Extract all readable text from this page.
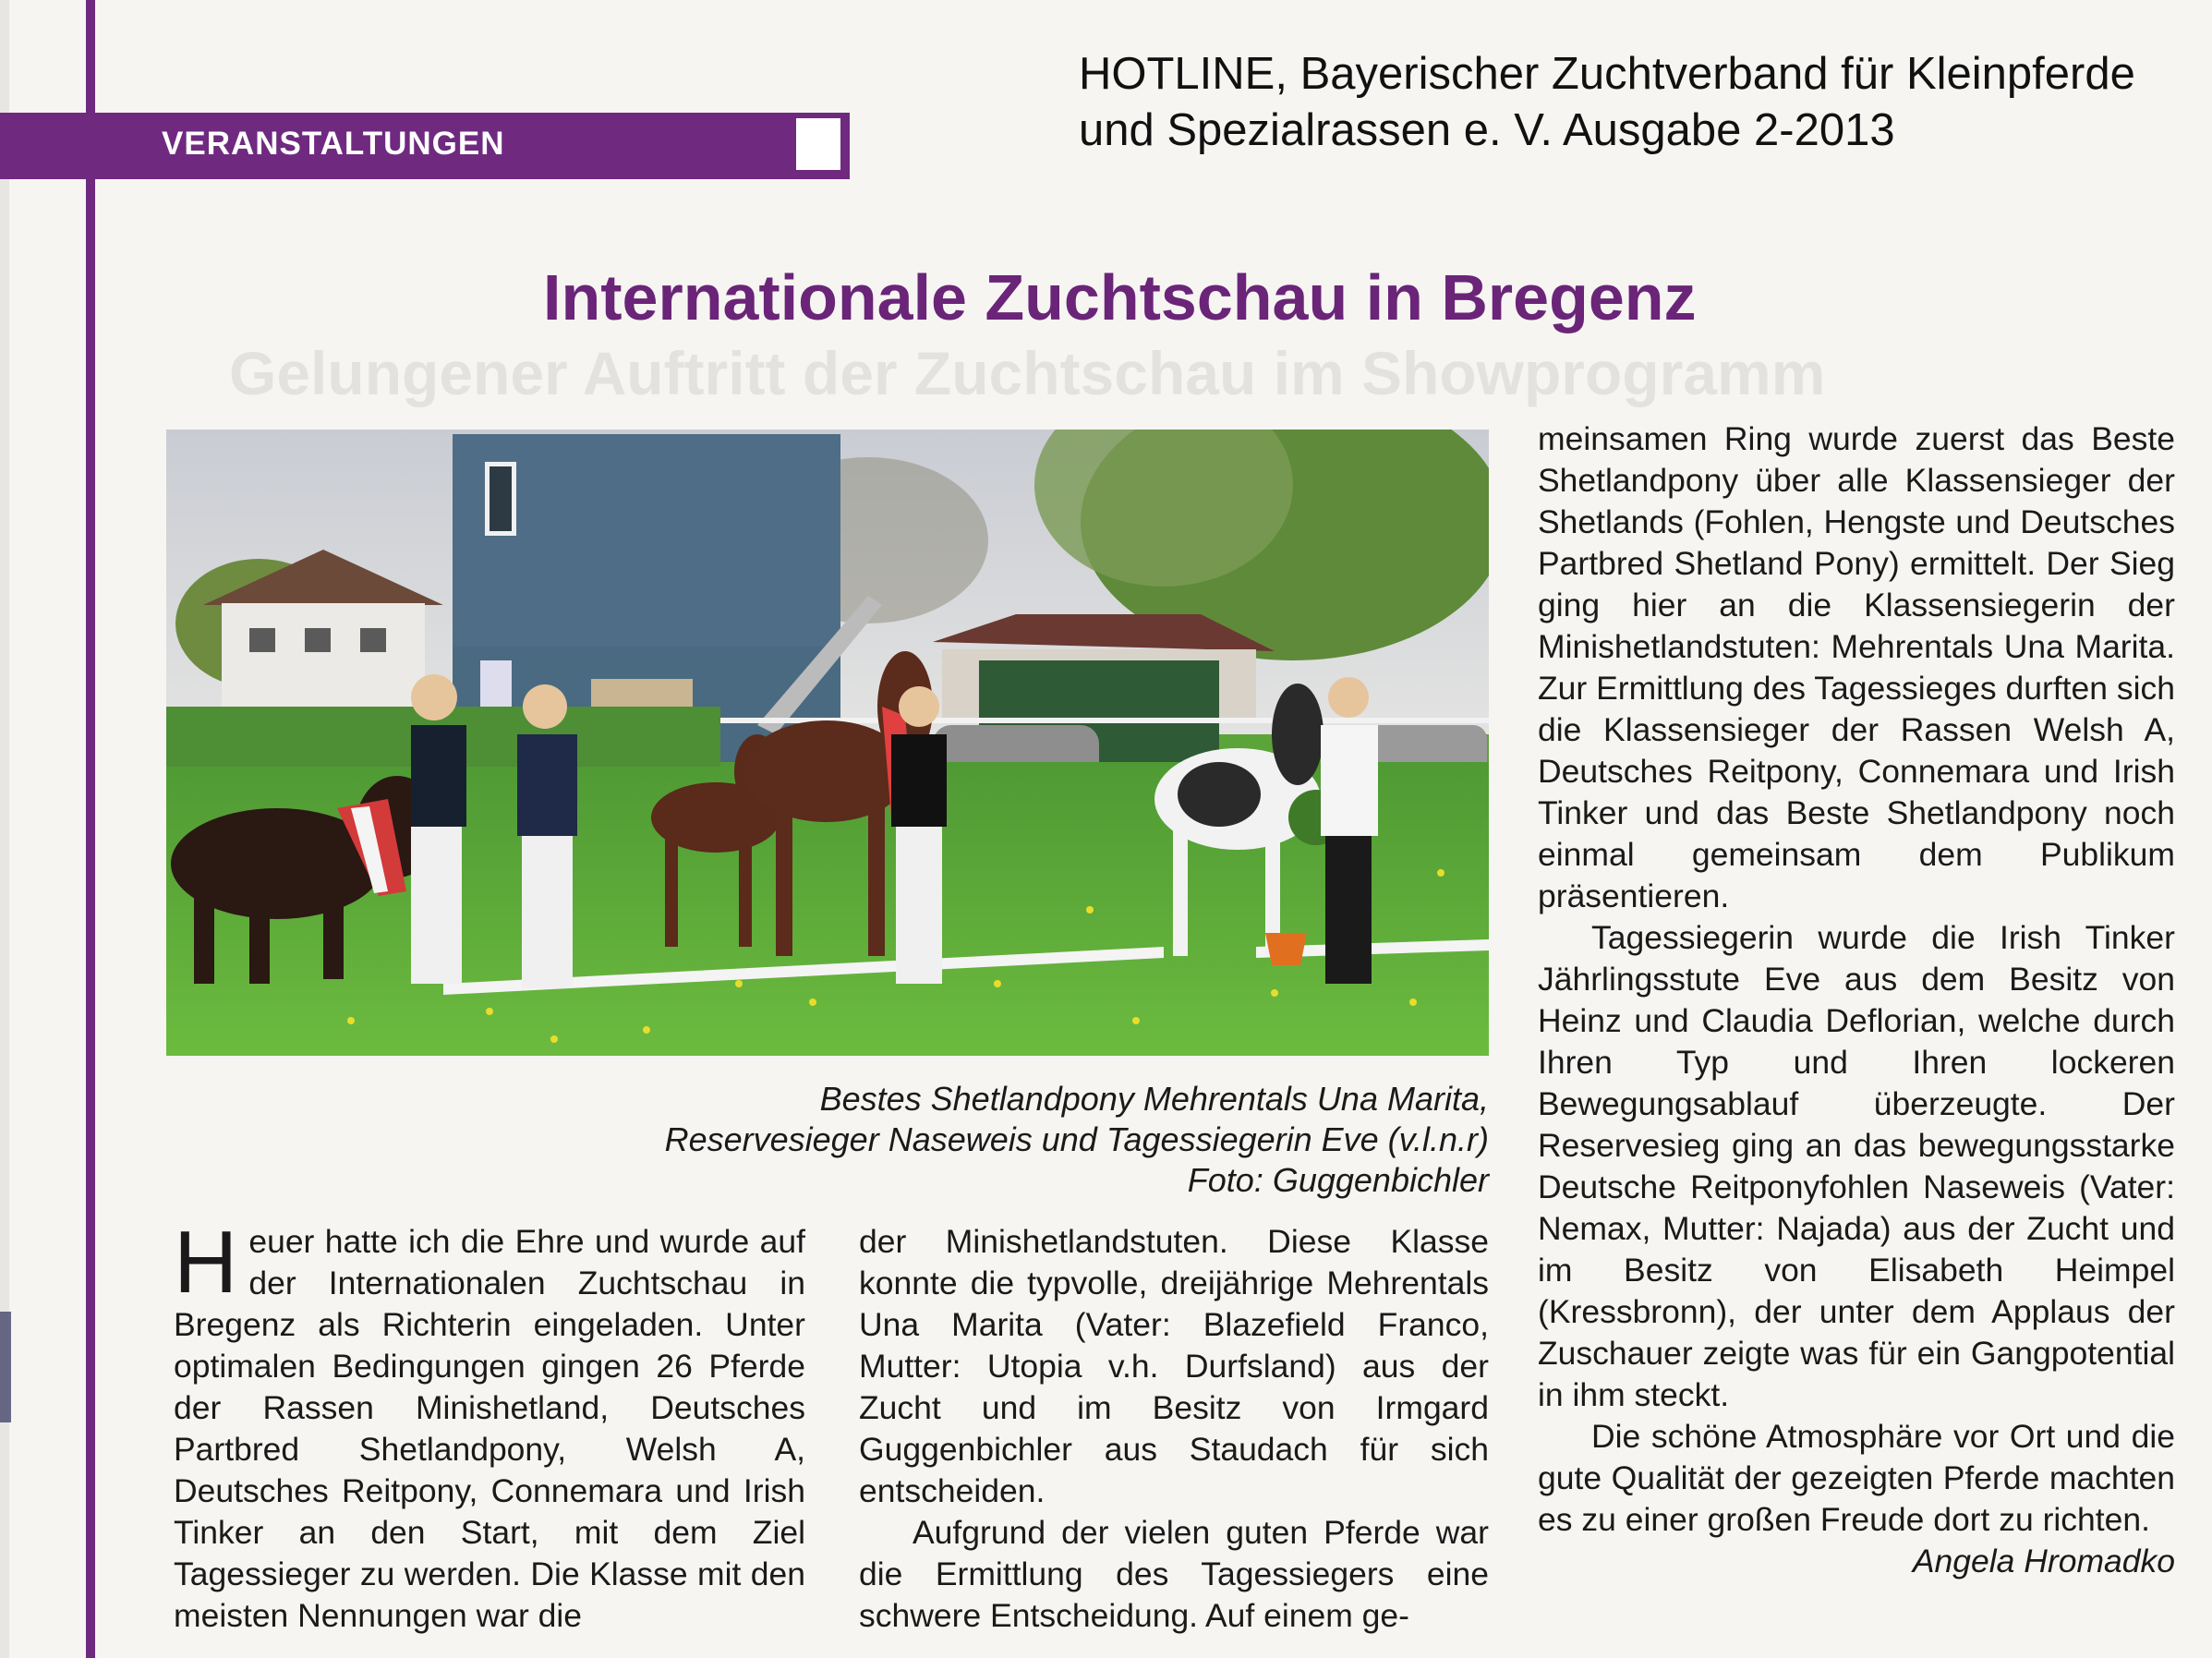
VERANSTALTUNGEN
HOTLINE, Bayerischer Zuchtverband für Kleinpferde und Spezialrassen e. V. Ausgabe 2-2013
Gelungener Auftritt der Zuchtschau im Showprogramm
Internationale Zuchtschau in Bregenz
Bestes Shetlandpony Mehrentals Una Marita,
Reservesieger Naseweis und Tagessiegerin Eve (v.l.n.r)
Foto: Guggenbichler

Heuer hatte ich die Ehre und wurde auf der Internationalen Zuchtschau in Bregenz als Richterin eingeladen. Unter optimalen Bedingungen gingen 26 Pferde der Rassen Minishetland, Deutsches Partbred Shetlandpony, Welsh A, Deutsches Reitpony, Connemara und Irish Tinker an den Start, mit dem Ziel Tagessieger zu werden. Die Klasse mit den meisten Nennungen war die

der Minishetlandstuten. Diese Klasse konnte die typvolle, dreijährige Mehrentals Una Marita (Vater: Blazefield Franco, Mutter: Utopia v.h. Durfsland) aus der Zucht und im Besitz von Irmgard Guggenbichler aus Staudach für sich entscheiden.

Aufgrund der vielen guten Pferde war die Ermittlung des Tagessiegers eine schwere Entscheidung. Auf einem ge-

meinsamen Ring wurde zuerst das Beste Shetlandpony über alle Klassensieger der Shetlands (Fohlen, Hengste und Deutsches Partbred Shetland Pony) ermittelt. Der Sieg ging hier an die Klassensiegerin der Minishetlandstuten: Mehrentals Una Marita. Zur Ermittlung des Tagessieges durften sich die Klassensieger der Rassen Welsh A, Deutsches Reitpony, Connemara und Irish Tinker und das Beste Shetlandpony noch einmal gemeinsam dem Publikum präsentieren.

Tagessiegerin wurde die Irish Tinker Jährlingsstute Eve aus dem Besitz von Heinz und Claudia Deflorian, welche durch Ihren Typ und Ihren lockeren Bewegungsablauf überzeugte. Der Reservesieg ging an das bewegungsstarke Deutsche Reitponyfohlen Naseweis (Vater: Nemax, Mutter: Najada) aus der Zucht und im Besitz von Elisabeth Heimpel (Kressbronn), der unter dem Applaus der Zuschauer zeigte was für ein Gangpotential in ihm steckt.

Die schöne Atmosphäre vor Ort und die gute Qualität der gezeigten Pferde machten es zu einer großen Freude dort zu richten.

Angela Hromadko
